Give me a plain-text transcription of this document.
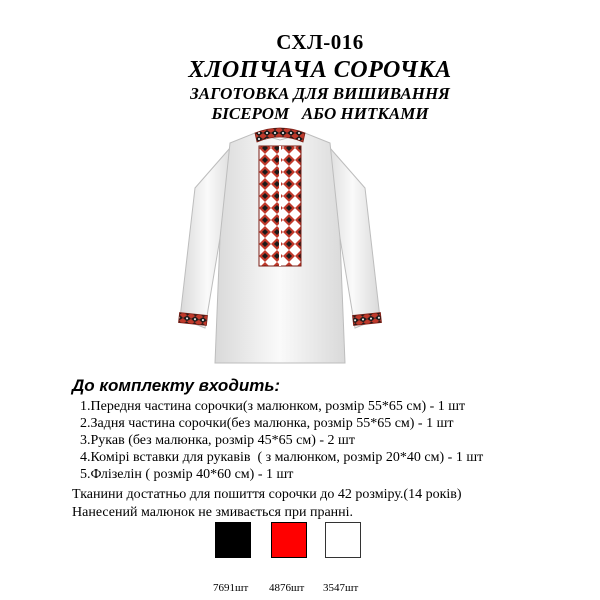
СХЛ-016
ХЛОПЧАЧА СОРОЧКА
ЗАГОТОВКА ДЛЯ ВИШИВАННЯ
БІСЕРОМ   АБО НИТКАМИ
До комплекту входить:
1.Передня частина сорочки(з малюнком, розмір 55*65 см) - 1 шт
2.Задня частина сорочки(без малюнка, розмір 55*65 см) - 1 шт
3.Рукав (без малюнка, розмір 45*65 см) - 2 шт
4.Комірі вставки для рукавів  ( з малюнком, розмір 20*40 см) - 1 шт
5.Флізелін ( розмір 40*60 см) - 1 шт
Тканини достатньо для пошиття сорочки до 42 розміру.(14 років)
Нанесений малюнок не змивається при пранні.
7691шт 4876шт 3547шт
